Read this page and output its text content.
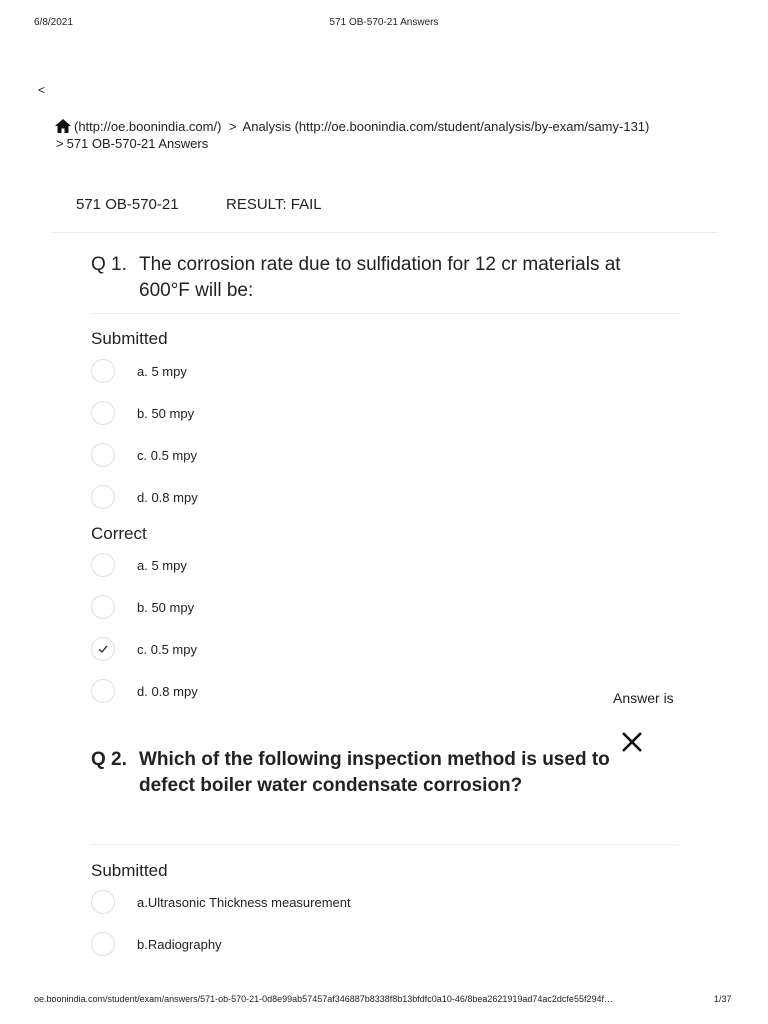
6/8/2021	571 OB-570-21 Answers
<
(http://oe.boonindia.com/) > Analysis (http://oe.boonindia.com/student/analysis/by-exam/samy-131)
> 571 OB-570-21 Answers
571 OB-570-21	RESULT: FAIL
Q 1. The corrosion rate due to sulfidation for 12 cr materials at 600°F will be:
Submitted
a. 5 mpy
b. 50 mpy
c. 0.5 mpy
d. 0.8 mpy
Correct
a. 5 mpy
b. 50 mpy
c. 0.5 mpy
d. 0.8 mpy	Answer is
Q 2. Which of the following inspection method is used to defect boiler water condensate corrosion?
Submitted
a.Ultrasonic Thickness measurement
b.Radiography
oe.boonindia.com/student/exam/answers/571-ob-570-21-0d8e99ab57457af346887b8338f8b13bfdfc0a10-46/8bea2621919ad74ac2dcfe55f294f…	1/37
